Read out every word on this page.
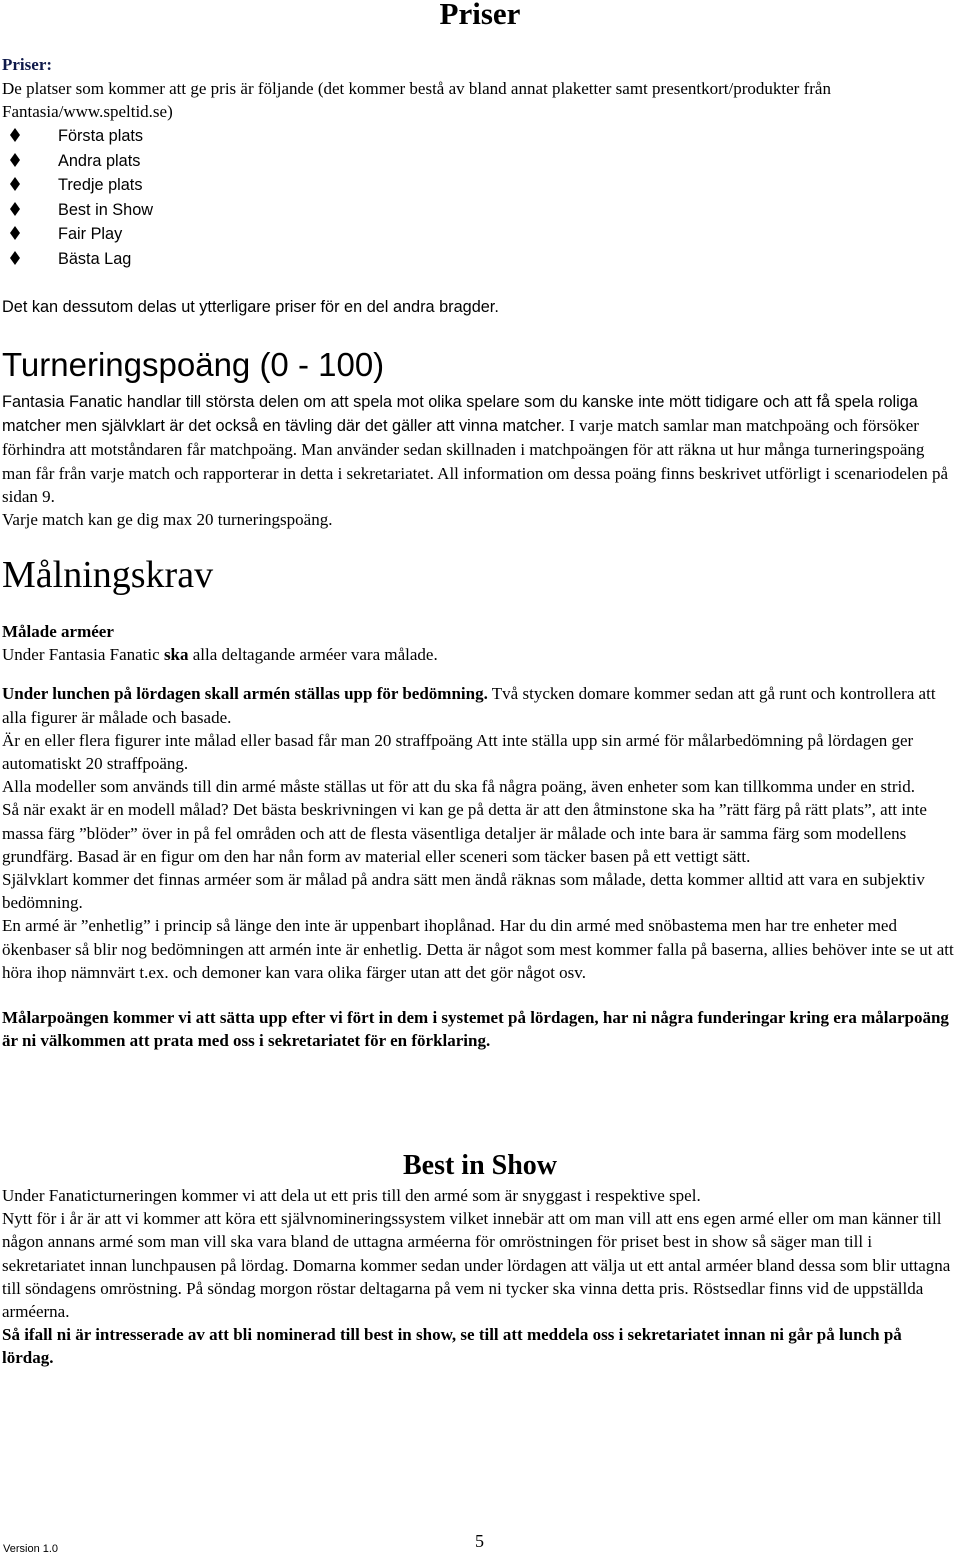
Priser
Priser:
De platser som kommer att ge pris är följande (det kommer bestå av bland annat plaketter samt presentkort/produkter från Fantasia/www.speltid.se)
Första plats
Andra plats
Tredje plats
Best in Show
Fair Play
Bästa Lag
Det kan dessutom delas ut ytterligare priser för en del andra bragder.
Turneringspoäng (0 - 100)

Fantasia Fanatic handlar till största delen om att spela mot olika spelare som du kanske inte mött tidigare och att få spela roliga matcher men självklart är det också en tävling där det gäller att vinna matcher. I varje match samlar man matchpoäng och försöker förhindra att motståndaren får matchpoäng. Man använder sedan skillnaden i matchpoängen för att räkna ut hur många turneringspoäng man får från varje match och rapporterar in detta i sekretariatet. All information om dessa poäng finns beskrivet utförligt i scenariodelen på sidan 9.

Varje match kan ge dig max 20 turneringspoäng.

Målningskrav

Målade arméer

Under Fantasia Fanatic ska alla deltagande arméer vara målade.

Under lunchen på lördagen skall armén ställas upp för bedömning. Två stycken domare kommer sedan att gå runt och kontrollera att alla figurer är målade och basade.

Är en eller flera figurer inte målad eller basad får man 20 straffpoäng Att inte ställa upp sin armé för målarbedömning på lördagen ger automatiskt 20 straffpoäng.

Alla modeller som används till din armé måste ställas ut för att du ska få några poäng, även enheter som kan tillkomma under en strid.

Så när exakt är en modell målad? Det bästa beskrivningen vi kan ge på detta är att den åtminstone ska ha ”rätt färg på rätt plats”, att inte massa färg ”blöder” över in på fel områden och att de flesta väsentliga detaljer är målade och inte bara är samma färg som modellens grundfärg. Basad är en figur om den har nån form av material eller sceneri som täcker basen på ett vettigt sätt.

Självklart kommer det finnas arméer som är målad på andra sätt men ändå räknas som målade, detta kommer alltid att vara en subjektiv bedömning.

En armé är ”enhetlig” i princip så länge den inte är uppenbart ihoplånad. Har du din armé med snöbastema men har tre enheter med ökenbaser så blir nog bedömningen att armén inte är enhetlig. Detta är något som mest kommer falla på baserna, allies behöver inte se ut att höra ihop nämnvärt t.ex. och demoner kan vara olika färger utan att det gör något osv.

Målarpoängen kommer vi att sätta upp efter vi fört in dem i systemet på lördagen, har ni några funderingar kring era målarpoäng är ni välkommen att prata med oss i sekretariatet för en förklaring.

Best in Show

Under Fanaticturneringen kommer vi att dela ut ett pris till den armé som är snyggast i respektive spel.

Nytt för i år är att vi kommer att köra ett självnomineringssystem vilket innebär att om man vill att ens egen armé eller om man känner till någon annans armé som man vill ska vara bland de uttagna arméerna för omröstningen för priset best in show så säger man till i sekretariatet innan lunchpausen på lördag. Domarna kommer sedan under lördagen att välja ut ett antal arméer bland dessa som blir uttagna till söndagens omröstning. På söndag morgon röstar deltagarna på vem ni tycker ska vinna detta pris. Röstsedlar finns vid de uppställda arméerna.

Så ifall ni är intresserade av att bli nominerad till best in show, se till att meddela oss i sekretariatet innan ni går på lunch på lördag.

5
Version 1.0
